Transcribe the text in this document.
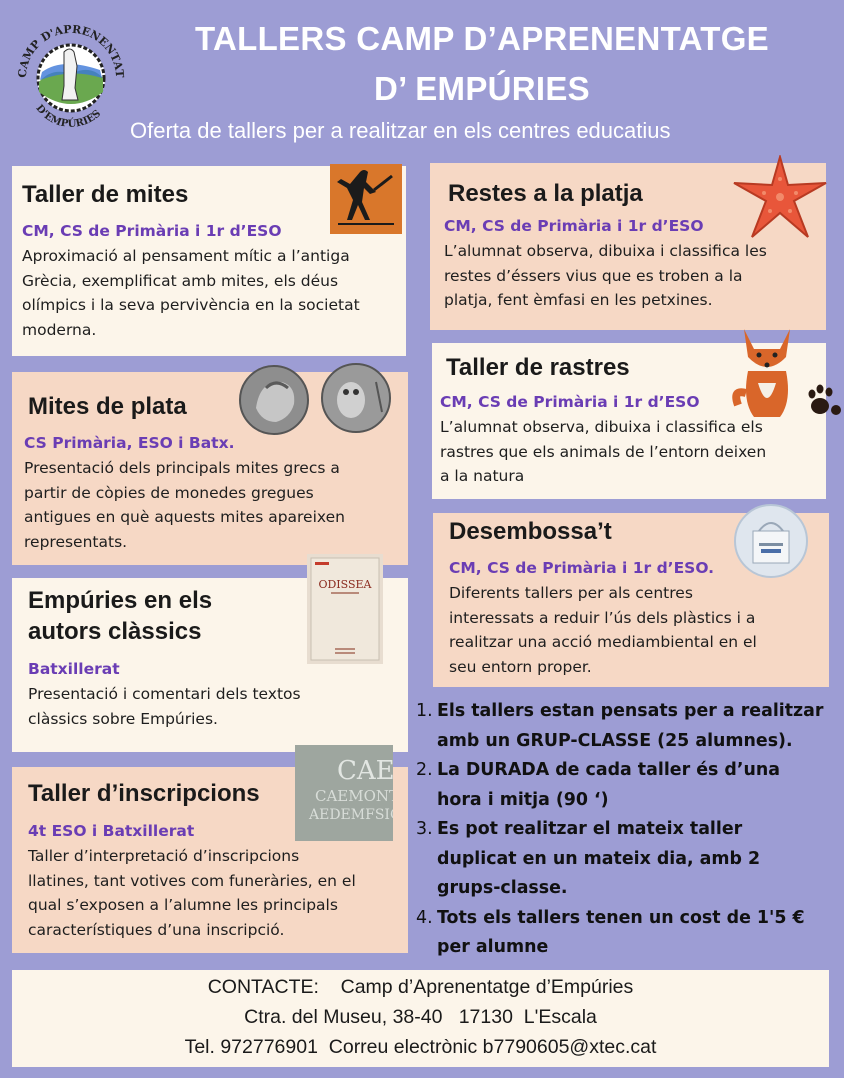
CAMP D'APRENENTAT
D'EMPÚRIES
TALLERS CAMP D’APRENENTATGE
D’ EMPÚRIES
Oferta de tallers per a realitzar en els centres educatius
Taller de mites
CM, CS de Primària i 1r d’ESO
Aproximació al pensament mític a l’antiga
Grècia, exemplificat amb mites, els déus
olímpics i la seva pervivència en la societat
moderna.
Mites de plata
CS Primària, ESO i Batx.
Presentació dels principals mites grecs a
partir de còpies de monedes gregues
antigues en què aquests mites apareixen
representats.
Empúries en els
autors clàssics
Batxillerat
Presentació i comentari dels textos
clàssics sobre Empúries.
ODISSEA
Taller d’inscripcions
4t ESO i Batxillerat
Taller d’interpretació d’inscripcions
llatines, tant votives com funeràries, en el
qual s’exposen a l’alumne les principals
característiques d’una inscripció.
CAE
CAEMONT
AEDEMFSIC
Restes a la platja
CM, CS de Primària i 1r d’ESO
L’alumnat observa, dibuixa i classifica les
restes d’éssers vius que es troben a la
platja, fent èmfasi en les petxines.
Taller de rastres
CM, CS de Primària i 1r d’ESO
L’alumnat observa, dibuixa i classifica els
rastres que els animals de l’entorn deixen
a la natura
Desembossa’t
CM, CS de Primària i 1r d’ESO.
Diferents tallers per als centres
interessats a reduir l’ús dels plàstics i a
realitzar una acció mediambiental en el
seu entorn proper.
1. Els tallers estan pensats per a realitzar
amb un GRUP-CLASSE (25 alumnes).
2. La DURADA de cada taller és d’una
hora i mitja (90 ‘)
3. Es pot realitzar el mateix taller
duplicat en un mateix dia, amb 2
grups-classe.
4. Tots els tallers tenen un cost de 1'5 €
per alumne
CONTACTE:    Camp d’Aprenentatge d’Empúries
Ctra. del Museu, 38-40   17130  L'Escala
Tel. 972776901  Correu electrònic b7790605@xtec.cat
